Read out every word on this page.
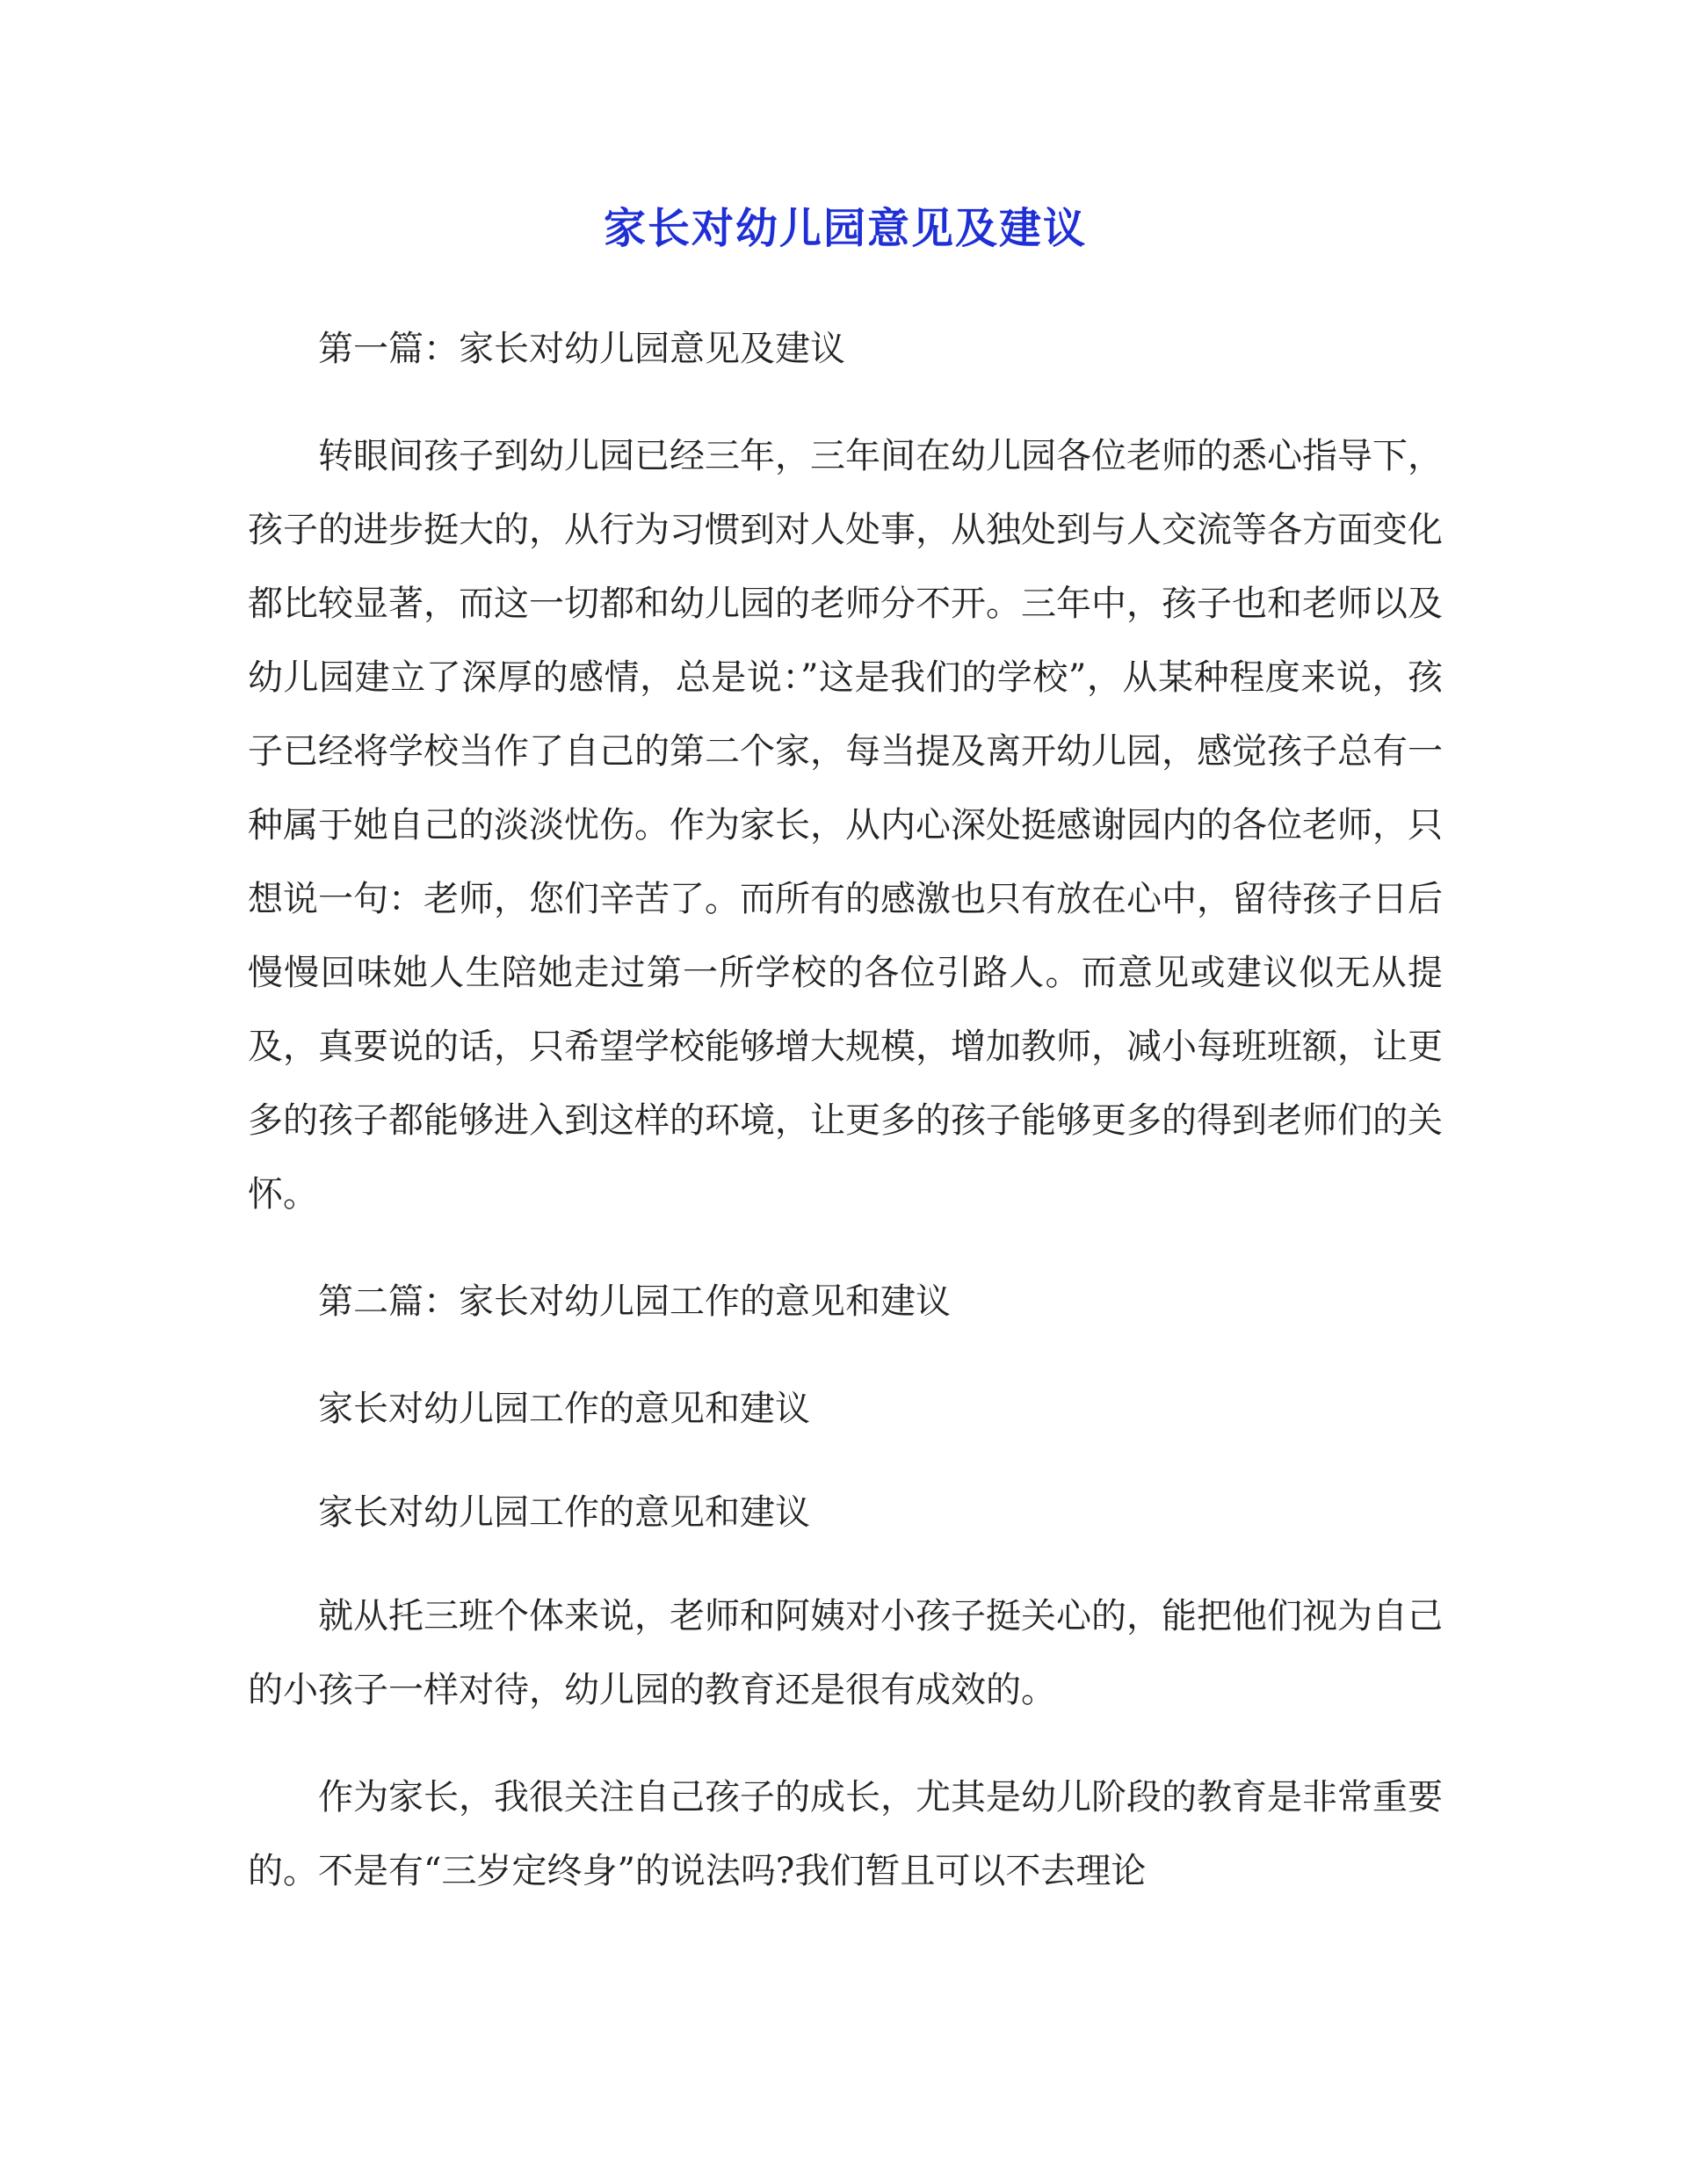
家长对幼儿园意见及建议

第一篇：家长对幼儿园意见及建议

转眼间孩子到幼儿园已经三年，三年间在幼儿园各位老师的悉心指导下，孩子的进步挺大的，从行为习惯到对人处事，从独处到与人交流等各方面变化都比较显著，而这一切都和幼儿园的老师分不开。三年中，孩子也和老师以及幼儿园建立了深厚的感情，总是说：”这是我们的学校”，从某种程度来说，孩子已经将学校当作了自己的第二个家，每当提及离开幼儿园，感觉孩子总有一种属于她自己的淡淡忧伤。作为家长，从内心深处挺感谢园内的各位老师，只想说一句：老师，您们辛苦了。而所有的感激也只有放在心中，留待孩子日后慢慢回味她人生陪她走过第一所学校的各位引路人。而意见或建议似无从提及，真要说的话，只希望学校能够增大规模，增加教师，减小每班班额，让更多的孩子都能够进入到这样的环境，让更多的孩子能够更多的得到老师们的关怀。

第二篇：家长对幼儿园工作的意见和建议

家长对幼儿园工作的意见和建议

家长对幼儿园工作的意见和建议

就从托三班个体来说，老师和阿姨对小孩子挺关心的，能把他们视为自己的小孩子一样对待，幼儿园的教育还是很有成效的。

作为家长，我很关注自己孩子的成长，尤其是幼儿阶段的教育是非常重要的。不是有“三岁定终身”的说法吗?我们暂且可以不去理论
